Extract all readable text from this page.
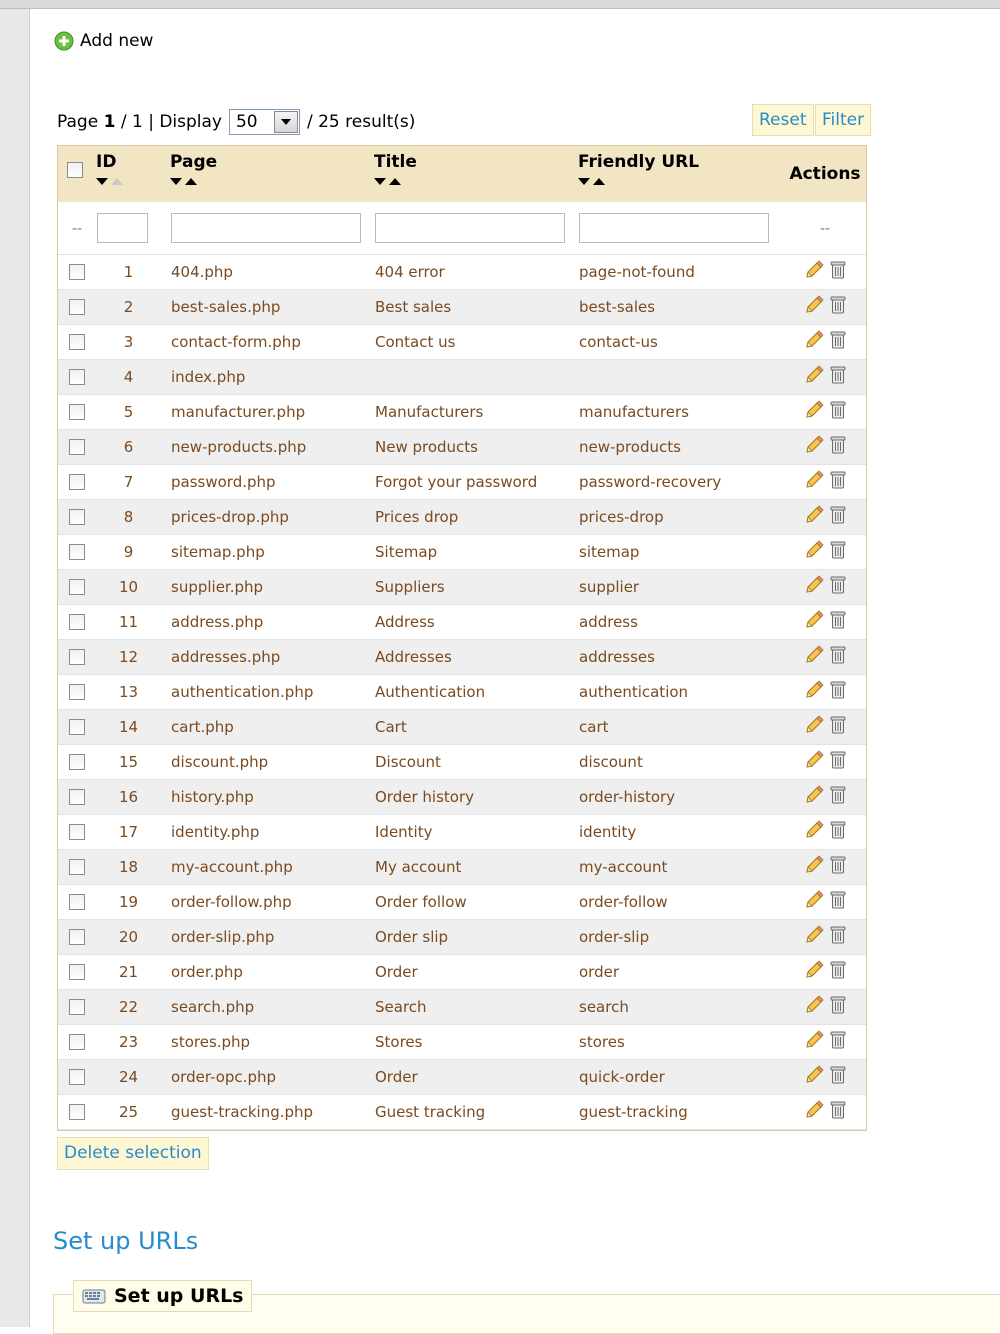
Add new
Page
1
/
1
| Display 50	/ 25 result(s)	Reset Filter
	ID	Page	Title	Friendly URL	Actions
--					--
	1	404.php	404 error	page-not-found	
	2	best-sales.php	Best sales	best-sales	
	3	contact-form.php	Contact us	contact-us	
	4	index.php			
	5	manufacturer.php	Manufacturers	manufacturers	
	6	new-products.php	New products	new-products	
	7	password.php	Forgot your password	password-recovery	
	8	prices-drop.php	Prices drop	prices-drop	
	9	sitemap.php	Sitemap	sitemap	
	10	supplier.php	Suppliers	supplier	
	11	address.php	Address	address	
	12	addresses.php	Addresses	addresses	
	13	authentication.php	Authentication	authentication	
	14	cart.php	Cart	cart	
	15	discount.php	Discount	discount	
	16	history.php	Order history	order-history	
	17	identity.php	Identity	identity	
	18	my-account.php	My account	my-account	
	19	order-follow.php	Order follow	order-follow	
	20	order-slip.php	Order slip	order-slip	
	21	order.php	Order	order	
	22	search.php	Search	search	
	23	stores.php	Stores	stores	
	24	order-opc.php	Order	quick-order	
	25	guest-tracking.php	Guest tracking	guest-tracking	
Delete selection
Set up URLs
Set up URLs
